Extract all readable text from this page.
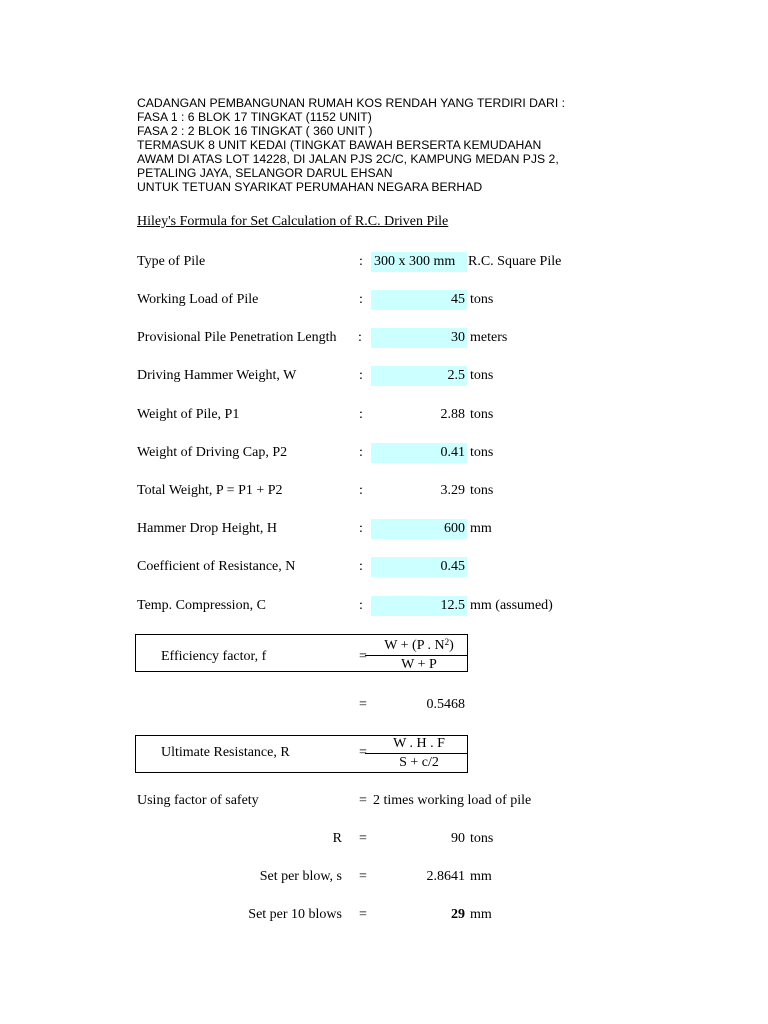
CADANGAN PEMBANGUNAN RUMAH KOS RENDAH YANG TERDIRI DARI :
FASA 1 : 6 BLOK 17 TINGKAT (1152 UNIT)
FASA 2 : 2 BLOK 16 TINGKAT ( 360 UNIT )
TERMASUK 8 UNIT KEDAI (TINGKAT BAWAH BERSERTA KEMUDAHAN
AWAM DI ATAS LOT 14228, DI JALAN PJS 2C/C, KAMPUNG MEDAN PJS 2,
PETALING JAYA, SELANGOR DARUL EHSAN
UNTUK TETUAN SYARIKAT PERUMAHAN NEGARA BERHAD
Hiley's Formula for Set Calculation of R.C. Driven Pile
Type of Pile	: 300 x 300 mm R.C. Square Pile
Working Load of Pile	:	45 tons
Provisional Pile Penetration Length :	30 meters
Driving Hammer Weight, W	:	2.5 tons
Weight of Pile, P1	:	2.88 tons
Weight of Driving Cap, P2	:	0.41 tons
Total Weight, P = P1 + P2	:	3.29 tons
Hammer Drop Height, H	:	600 mm
Coefficient of Resistance, N	:	0.45
Temp. Compression, C	:	12.5 mm (assumed)
Efficiency factor, f	=
W + (P . $N^2$)
W + P
=	0.5468
Ultimate Resistance, R	=
W . H . F
S + c/2
Using factor of safety	= 2 times working load of pile
R =	90 tons
Set per blow, s =	2.8641 mm
Set per 10 blows =	29 mm
